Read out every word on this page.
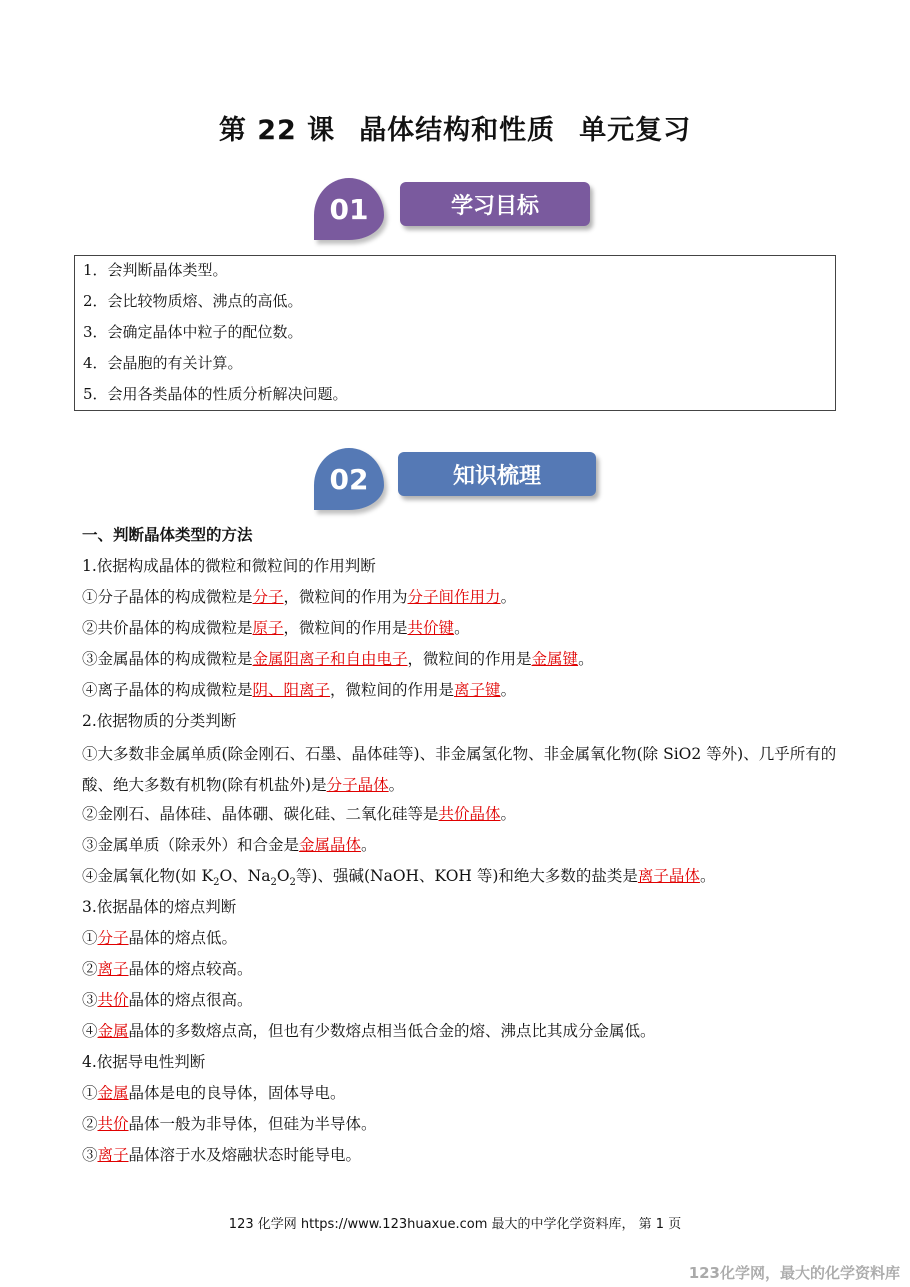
第 22 课 晶体结构和性质 单元复习
01	学习目标
1．会判断晶体类型。
2．会比较物质熔、沸点的高低。
3．会确定晶体中粒子的配位数。
4．会晶胞的有关计算。
5．会用各类晶体的性质分析解决问题。
02	知识梳理
一、判断晶体类型的方法
1.依据构成晶体的微粒和微粒间的作用判断
①分子晶体的构成微粒是分子，微粒间的作用为分子间作用力。
②共价晶体的构成微粒是原子，微粒间的作用是共价键。
③金属晶体的构成微粒是金属阳离子和自由电子，微粒间的作用是金属键。
④离子晶体的构成微粒是阴、阳离子，微粒间的作用是离子键。
2.依据物质的分类判断
①大多数非金属单质(除金刚石、石墨、晶体硅等)、非金属氢化物、非金属氧化物(除 SiO2 等外)、几乎所有的酸、绝大多数有机物(除有机盐外)是分子晶体。
②金刚石、晶体硅、晶体硼、碳化硅、二氧化硅等是共价晶体。
③金属单质（除汞外）和合金是金属晶体。
④金属氧化物(如 $K_2O$、$Na_2O_2$等)、强碱(NaOH、KOH 等)和绝大多数的盐类是离子晶体。
3.依据晶体的熔点判断
①分子晶体的熔点低。
②离子晶体的熔点较高。
③共价晶体的熔点很高。
④金属晶体的多数熔点高，但也有少数熔点相当低合金的熔、沸点比其成分金属低。
4.依据导电性判断
①金属晶体是电的良导体，固体导电。
②共价晶体一般为非导体，但硅为半导体。
③离子晶体溶于水及熔融状态时能导电。
123 化学网 https://www.123huaxue.com 最大的中学化学资料库， 第 1 页
123化学网，最大的化学资料库
